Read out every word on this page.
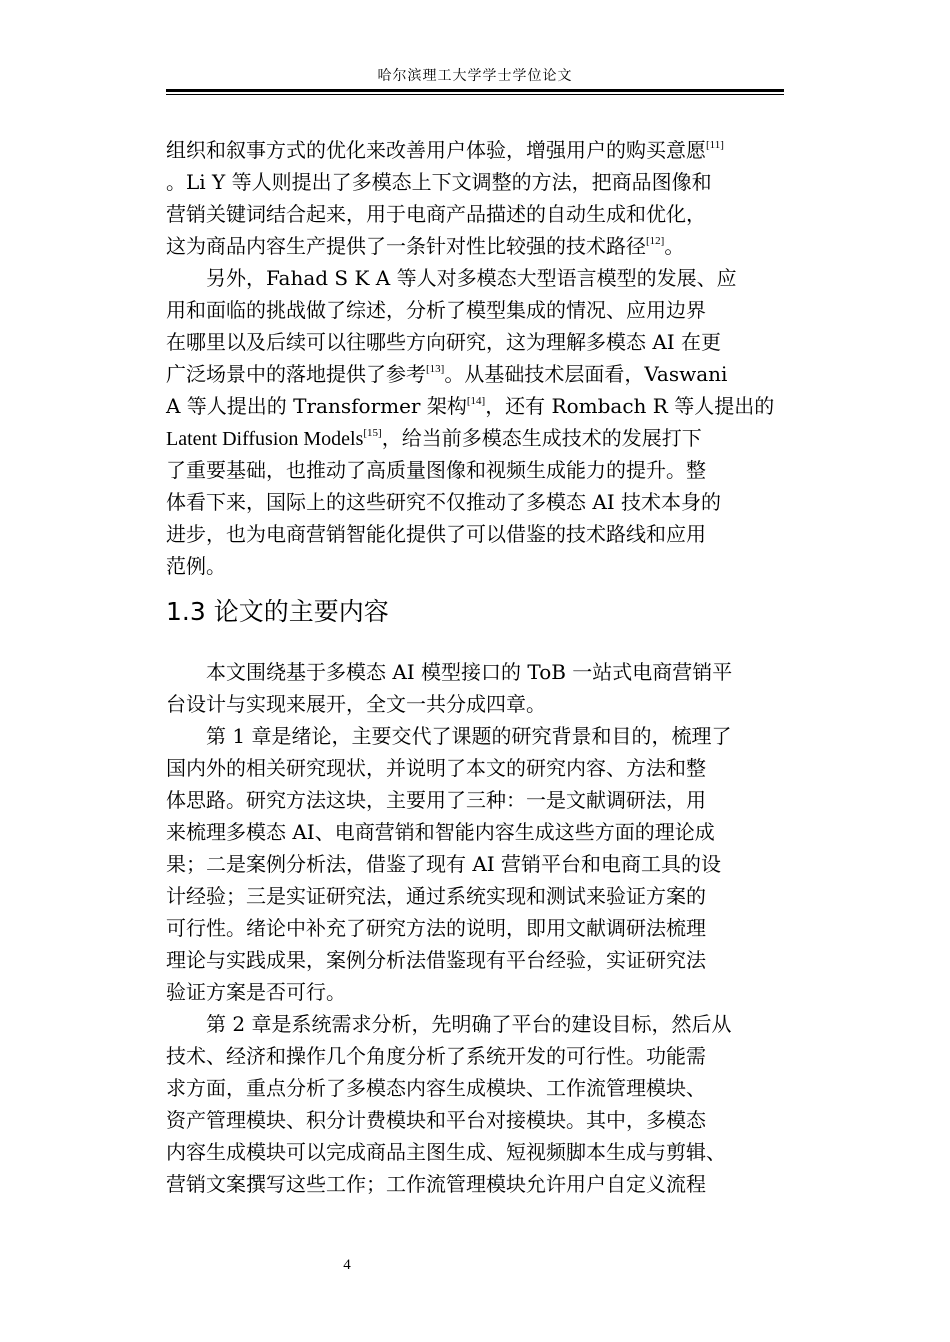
哈尔滨理工大学学士学位论文
组织和叙事方式的优化来改善用户体验，增强用户的购买意愿[11]
。Li Y 等人则提出了多模态上下文调整的方法，把商品图像和
营销关键词结合起来，用于电商产品描述的自动生成和优化，
这为商品内容生产提供了一条针对性比较强的技术路径[12]。
　　另外，Fahad S K A 等人对多模态大型语言模型的发展、应
用和面临的挑战做了综述，分析了模型集成的情况、应用边界
在哪里以及后续可以往哪些方向研究，这为理解多模态 AI 在更
广泛场景中的落地提供了参考[13]。从基础技术层面看，Vaswani
A 等人提出的 Transformer 架构[14]，还有 Rombach R 等人提出的
Latent Diffusion Models[15]，给当前多模态生成技术的发展打下
了重要基础，也推动了高质量图像和视频生成能力的提升。整
体看下来，国际上的这些研究不仅推动了多模态 AI 技术本身的
进步，也为电商营销智能化提供了可以借鉴的技术路线和应用
范例。
1.3 论文的主要内容
　　本文围绕基于多模态 AI 模型接口的 ToB 一站式电商营销平
台设计与实现来展开，全文一共分成四章。
　　第 1 章是绪论，主要交代了课题的研究背景和目的，梳理了
国内外的相关研究现状，并说明了本文的研究内容、方法和整
体思路。研究方法这块，主要用了三种：一是文献调研法，用
来梳理多模态 AI、电商营销和智能内容生成这些方面的理论成
果；二是案例分析法，借鉴了现有 AI 营销平台和电商工具的设
计经验；三是实证研究法，通过系统实现和测试来验证方案的
可行性。绪论中补充了研究方法的说明，即用文献调研法梳理
理论与实践成果，案例分析法借鉴现有平台经验，实证研究法
验证方案是否可行。
　　第 2 章是系统需求分析，先明确了平台的建设目标，然后从
技术、经济和操作几个角度分析了系统开发的可行性。功能需
求方面，重点分析了多模态内容生成模块、工作流管理模块、
资产管理模块、积分计费模块和平台对接模块。其中，多模态
内容生成模块可以完成商品主图生成、短视频脚本生成与剪辑、
营销文案撰写这些工作；工作流管理模块允许用户自定义流程
4
